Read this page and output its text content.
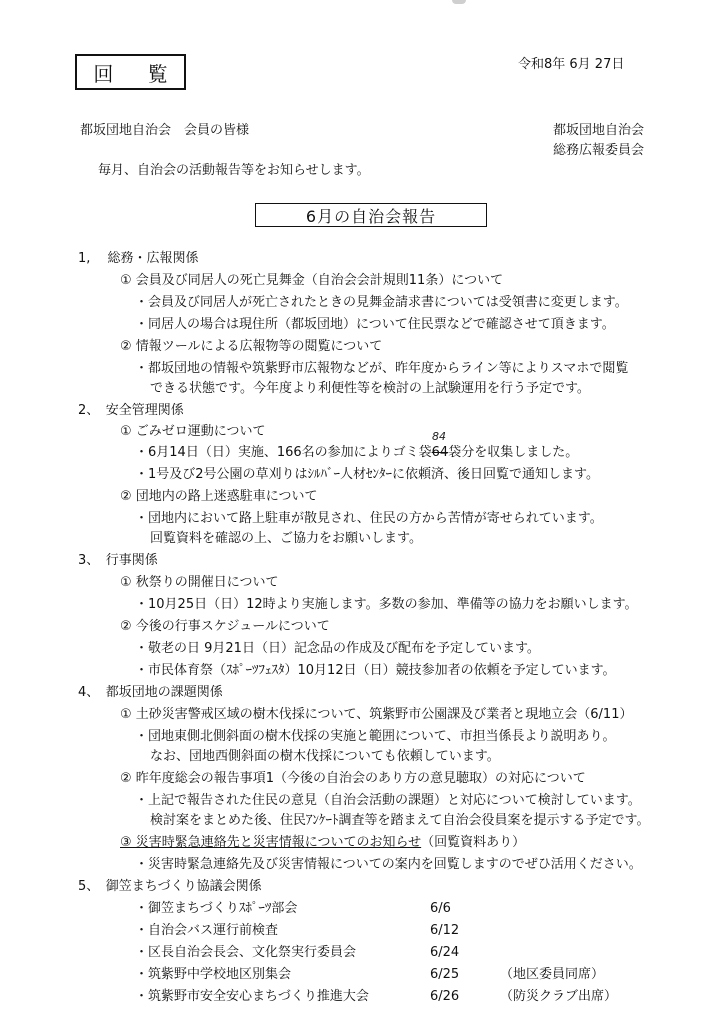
回 覧	令和8年 6月 27日
都坂団地自治会　会員の皆様	都坂団地自治会
総務広報委員会
毎月、自治会の活動報告等をお知らせします。
6月の自治会報告
1,　 総務・広報関係
① 会員及び同居人の死亡見舞金（自治会会計規則11条）について
・会員及び同居人が死亡されたときの見舞金請求書については受領書に変更します。
・同居人の場合は現住所（都坂団地）について住民票などで確認させて頂きます。
② 情報ツールによる広報物等の閲覧について
・都坂団地の情報や筑紫野市広報物などが、昨年度からライン等によりスマホで閲覧
できる状態です。今年度より利便性等を検討の上試験運用を行う予定です。
2、　安全管理関係
① ごみゼロ運動について
・6月14日（日）実施、166名の参加によりゴミ袋64袋分を収集しました。
84
・1号及び2号公園の草刈りはｼﾙﾊﾞｰ人材ｾﾝﾀｰに依頼済、後日回覧で通知します。
② 団地内の路上迷惑駐車について
・団地内において路上駐車が散見され、住民の方から苦情が寄せられています。
回覧資料を確認の上、ご協力をお願いします。
3、　行事関係
① 秋祭りの開催日について
・10月25日（日）12時より実施します。多数の参加、準備等の協力をお願いします。
② 今後の行事スケジュールについて
・敬老の日 9月21日（日）記念品の作成及び配布を予定しています。
・市民体育祭（ｽﾎﾟｰﾂﾌｪｽﾀ）10月12日（日）競技参加者の依頼を予定しています。
4、　都坂団地の課題関係
① 土砂災害警戒区域の樹木伐採について、筑紫野市公園課及び業者と現地立会（6/11）
・団地東側北側斜面の樹木伐採の実施と範囲について、市担当係長より説明あり。
なお、団地西側斜面の樹木伐採についても依頼しています。
② 昨年度総会の報告事項1（今後の自治会のあり方の意見聴取）の対応について
・上記で報告された住民の意見（自治会活動の課題）と対応について検討しています。
検討案をまとめた後、住民ｱﾝｹｰﾄ調査等を踏まえて自治会役員案を提示する予定です。
③ 災害時緊急連絡先と災害情報についてのお知らせ（回覧資料あり）
・災害時緊急連絡先及び災害情報についての案内を回覧しますのでぜひ活用ください。
5、　御笠まちづくり協議会関係
・御笠まちづくりｽﾎﾟｰﾂ部会	6/6
・自治会バス運行前検査	6/12
・区長自治会長会、文化祭実行委員会	6/24
・筑紫野中学校地区別集会	6/25	（地区委員同席）
・筑紫野市安全安心まちづくり推進大会	6/26	（防災クラブ出席）
